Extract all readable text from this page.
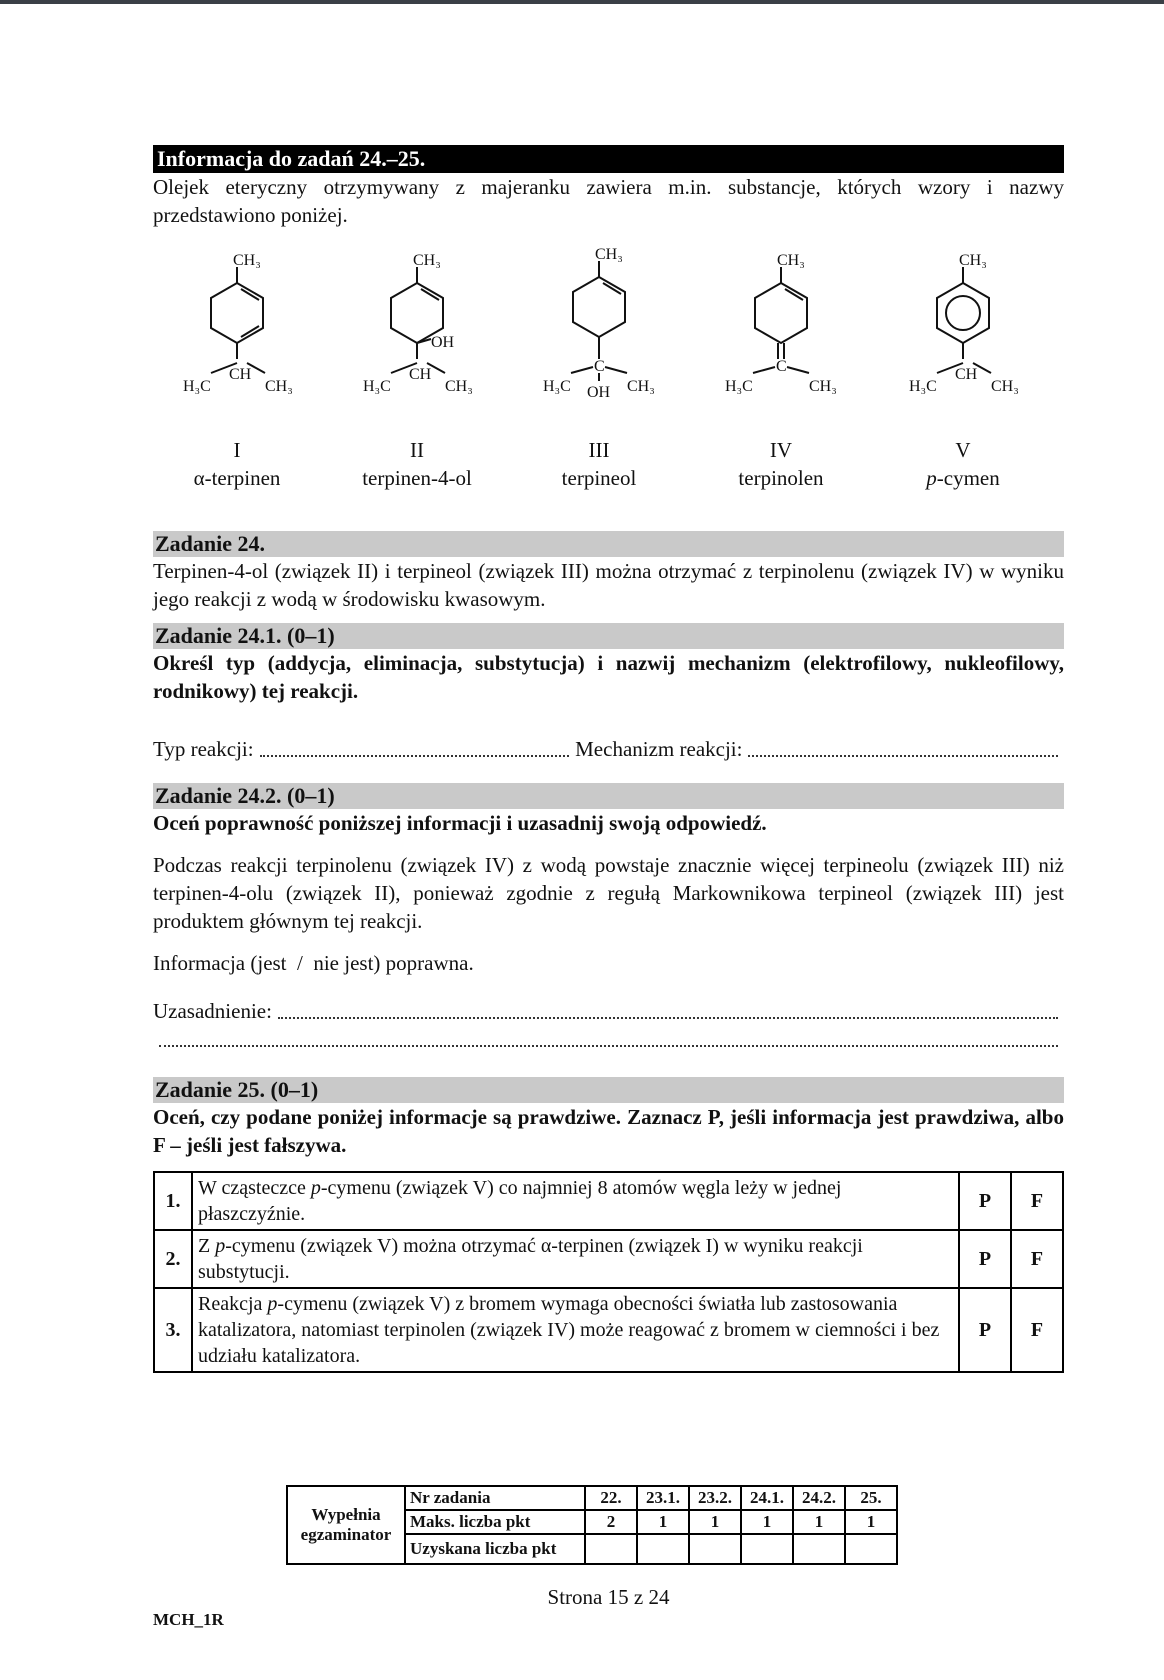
Informacja do zadań 24.–25.
Olejek eteryczny otrzymywany z majeranku zawiera m.in. substancje, których wzory i nazwy przedstawiono poniżej.
CH₃
CH
H₃C	CH₃
CH₃
OH
CH
H₃C	CH₃
CH₃
C
OH
H₃C	CH₃
CH₃
C
H₃C	CH₃
CH₃
CH
H₃C	CH₃
I
α-terpinen
II
terpinen-4-ol
III
terpineol
IV
terpinolen
V
p-cymen
Zadanie 24.
Terpinen-4-ol (związek II) i terpineol (związek III) można otrzymać z terpinolenu (związek IV) w wyniku jego reakcji z wodą w środowisku kwasowym.
Zadanie 24.1. (0–1)
Określ typ (addycja, eliminacja, substytucja) i nazwij mechanizm (elektrofilowy, nukleofilowy, rodnikowy) tej reakcji.
Typ reakcji:	Mechanizm reakcji:
Zadanie 24.2. (0–1)
Oceń poprawność poniższej informacji i uzasadnij swoją odpowiedź.
Podczas reakcji terpinolenu (związek IV) z wodą powstaje znacznie więcej terpineolu (związek III) niż terpinen-4-olu (związek II), ponieważ zgodnie z regułą Markownikowa terpineol (związek III) jest produktem głównym tej reakcji.
Informacja (jest  /  nie jest) poprawna.
Uzasadnienie:
Zadanie 25. (0–1)
Oceń, czy podane poniżej informacje są prawdziwe. Zaznacz P, jeśli informacja jest prawdziwa, albo F – jeśli jest fałszywa.
1.	W cząsteczce p-cymenu (związek V) co najmniej 8 atomów węgla leży w jednej płaszczyźnie.	P	F
2.	Z p-cymenu (związek V) można otrzymać α-terpinen (związek I) w wyniku reakcji substytucji.	P	F
3.	Reakcja p-cymenu (związek V) z bromem wymaga obecności światła lub zastosowania katalizatora, natomiast terpinolen (związek IV) może reagować z bromem w ciemności i bez udziału katalizatora.	P	F
Wypełnia egzaminator	Nr zadania	22.	23.1.	23.2.	24.1.	24.2.	25.
	Maks. liczba pkt	2	1	1	1	1	1
	Uzyskana liczba pkt						
Strona 15 z 24
MCH_1R
